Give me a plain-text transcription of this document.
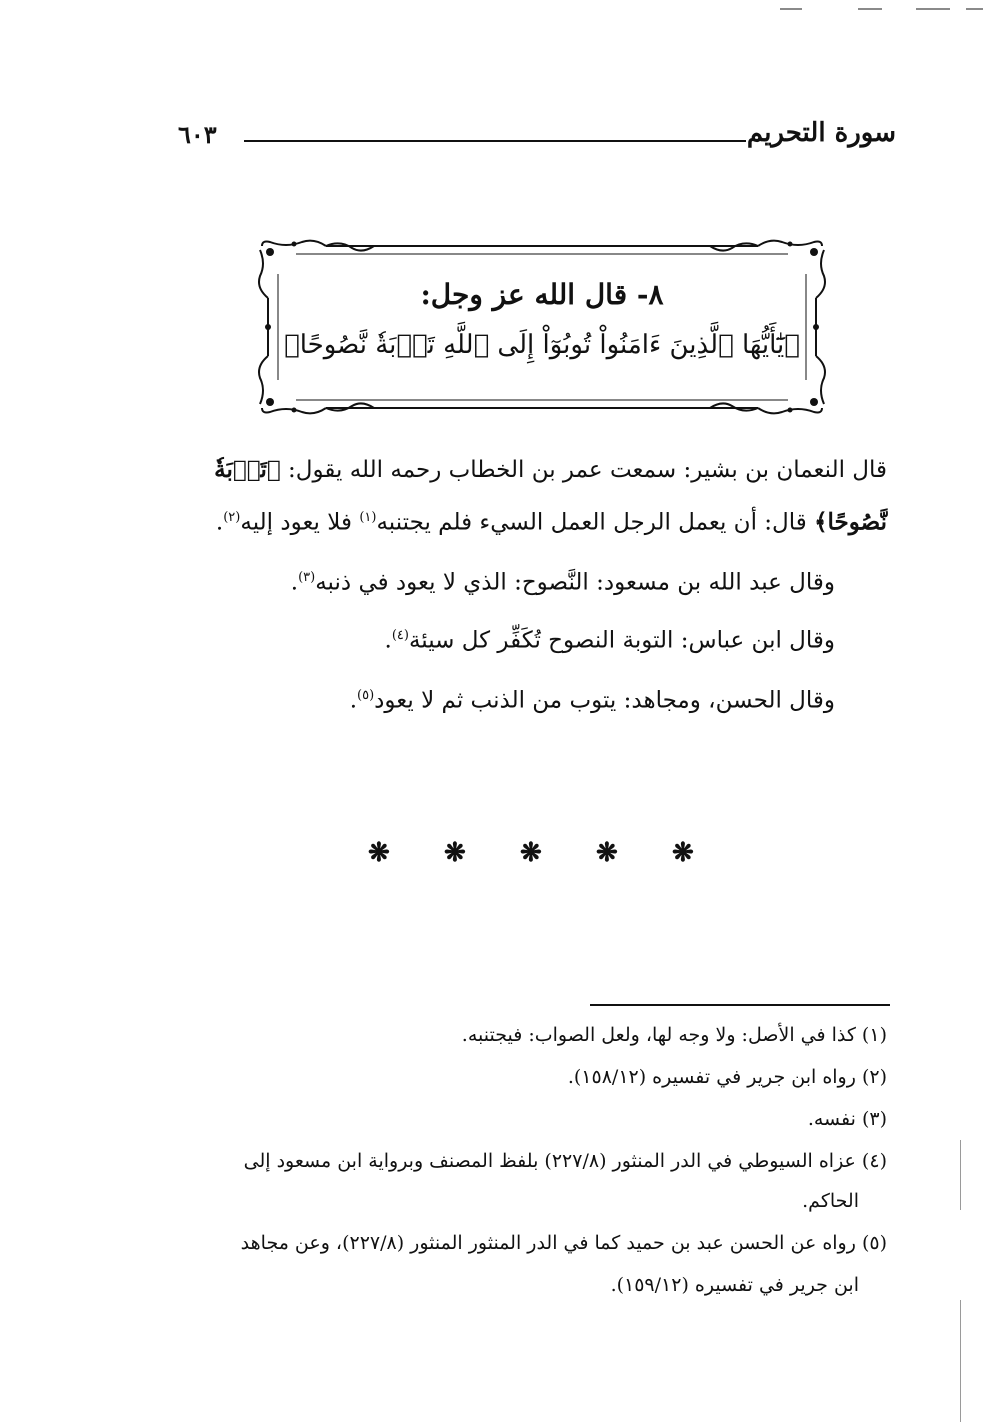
سورة التحريم
٦٠٣
٨- قال الله عز وجل:
﴿يَٰٓأَيُّهَا ٱلَّذِينَ ءَامَنُواْ تُوبُوٓاْ إِلَى ٱللَّهِ تَوۡبَةٗ نَّصُوحًا﴾
قال النعمان بن بشير: سمعت عمر بن الخطاب رحمه الله يقول: ﴿تَوۡبَةٗ
نَّصُوحًا﴾ قال: أن يعمل الرجل العمل السيء فلم يجتنبه$^{(١)}$ فلا يعود إليه$^{(٢)}$.
وقال عبد الله بن مسعود: النَّصوح: الذي لا يعود في ذنبه$^{(٣)}$.
وقال ابن عباس: التوبة النصوح تُكَفِّر كل سيئة$^{(٤)}$.
وقال الحسن، ومجاهد: يتوب من الذنب ثم لا يعود$^{(٥)}$.
❋ ❋ ❋ ❋ ❋
(١) كذا في الأصل: ولا وجه لها، ولعل الصواب: فيجتنبه.
(٢) رواه ابن جرير في تفسيره (١٥٨/١٢).
(٣) نفسه.
(٤) عزاه السيوطي في الدر المنثور (٢٢٧/٨) بلفظ المصنف وبرواية ابن مسعود إلى
الحاكم.
(٥) رواه عن الحسن عبد بن حميد كما في الدر المنثور المنثور (٢٢٧/٨)، وعن مجاهد
ابن جرير في تفسيره (١٥٩/١٢).
